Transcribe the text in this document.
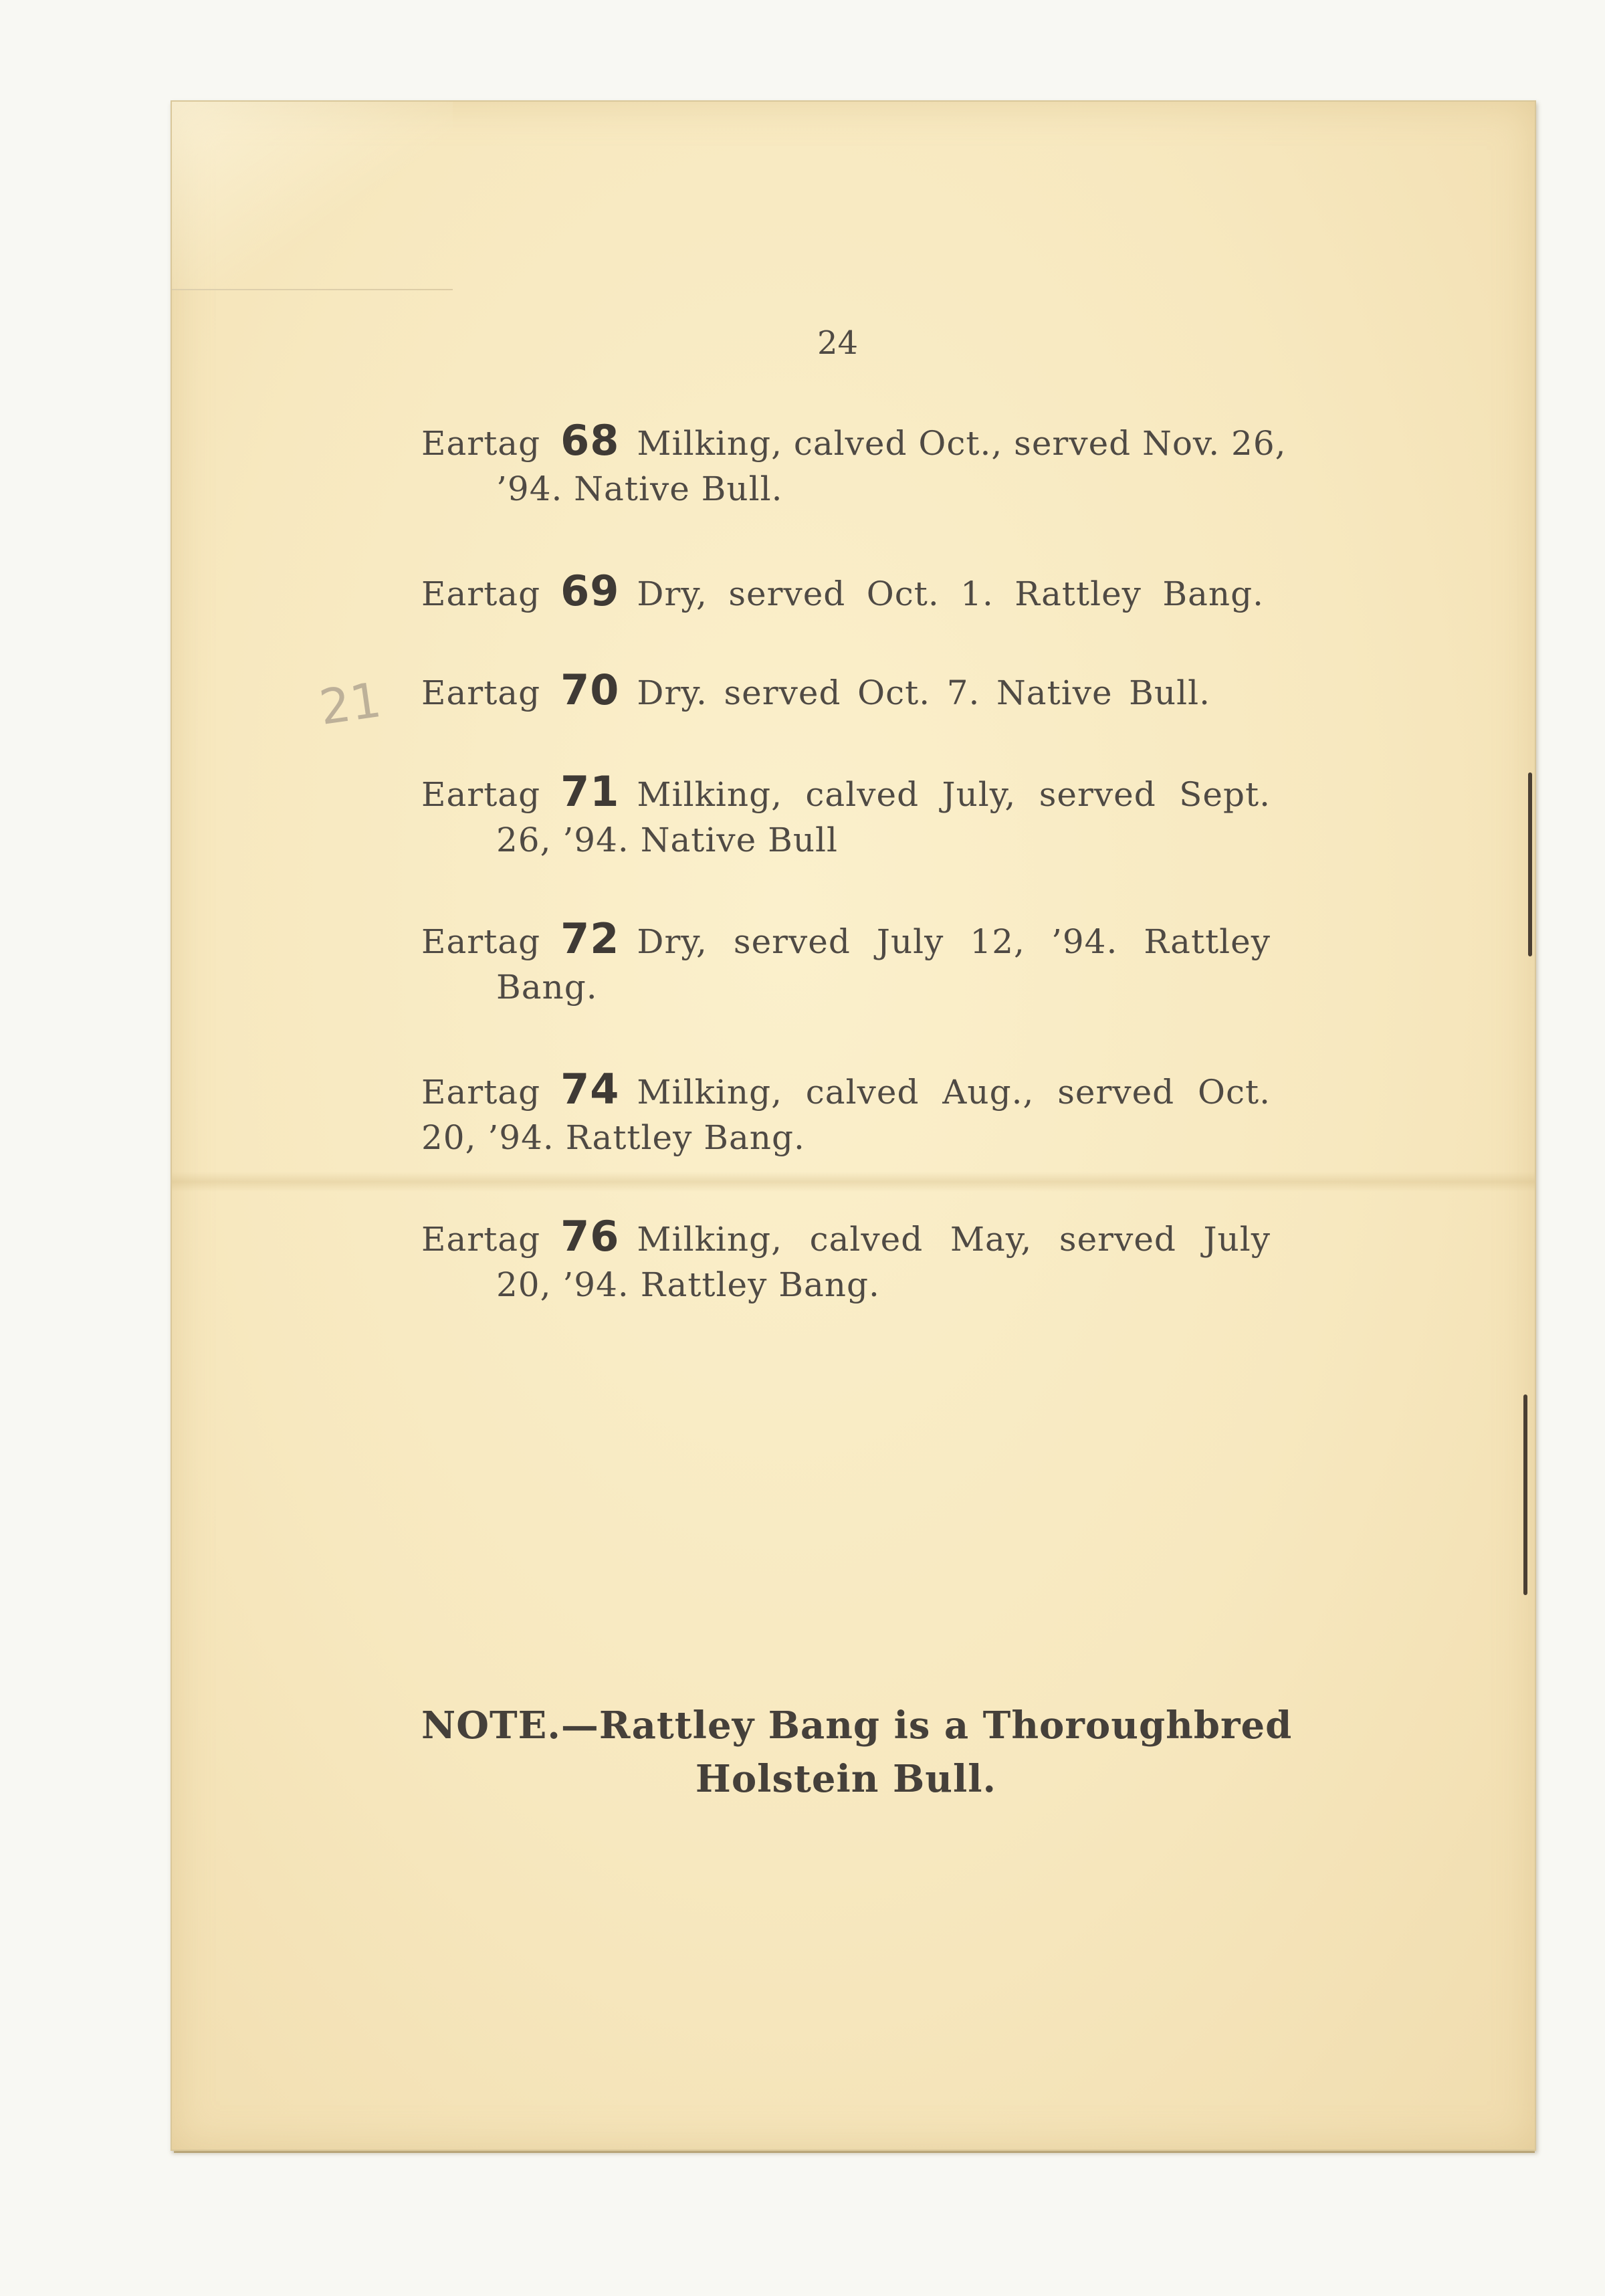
24
21
Eartag 68 Milking, calved Oct., served Nov. 26,
’94. Native Bull.
Eartag 69 Dry, served Oct. 1. Rattley Bang.
Eartag 70 Dry. served Oct. 7. Native Bull.
Eartag 71 Milking, calved July, served Sept.
26, ’94. Native Bull
Eartag 72 Dry, served July 12, ’94. Rattley
Bang.
Eartag 74 Milking, calved Aug., served Oct.
20, ’94. Rattley Bang.
Eartag 76 Milking, calved May, served July
20, ’94. Rattley Bang.
NOTE.—Rattley Bang is a Thoroughbred
Holstein Bull.
